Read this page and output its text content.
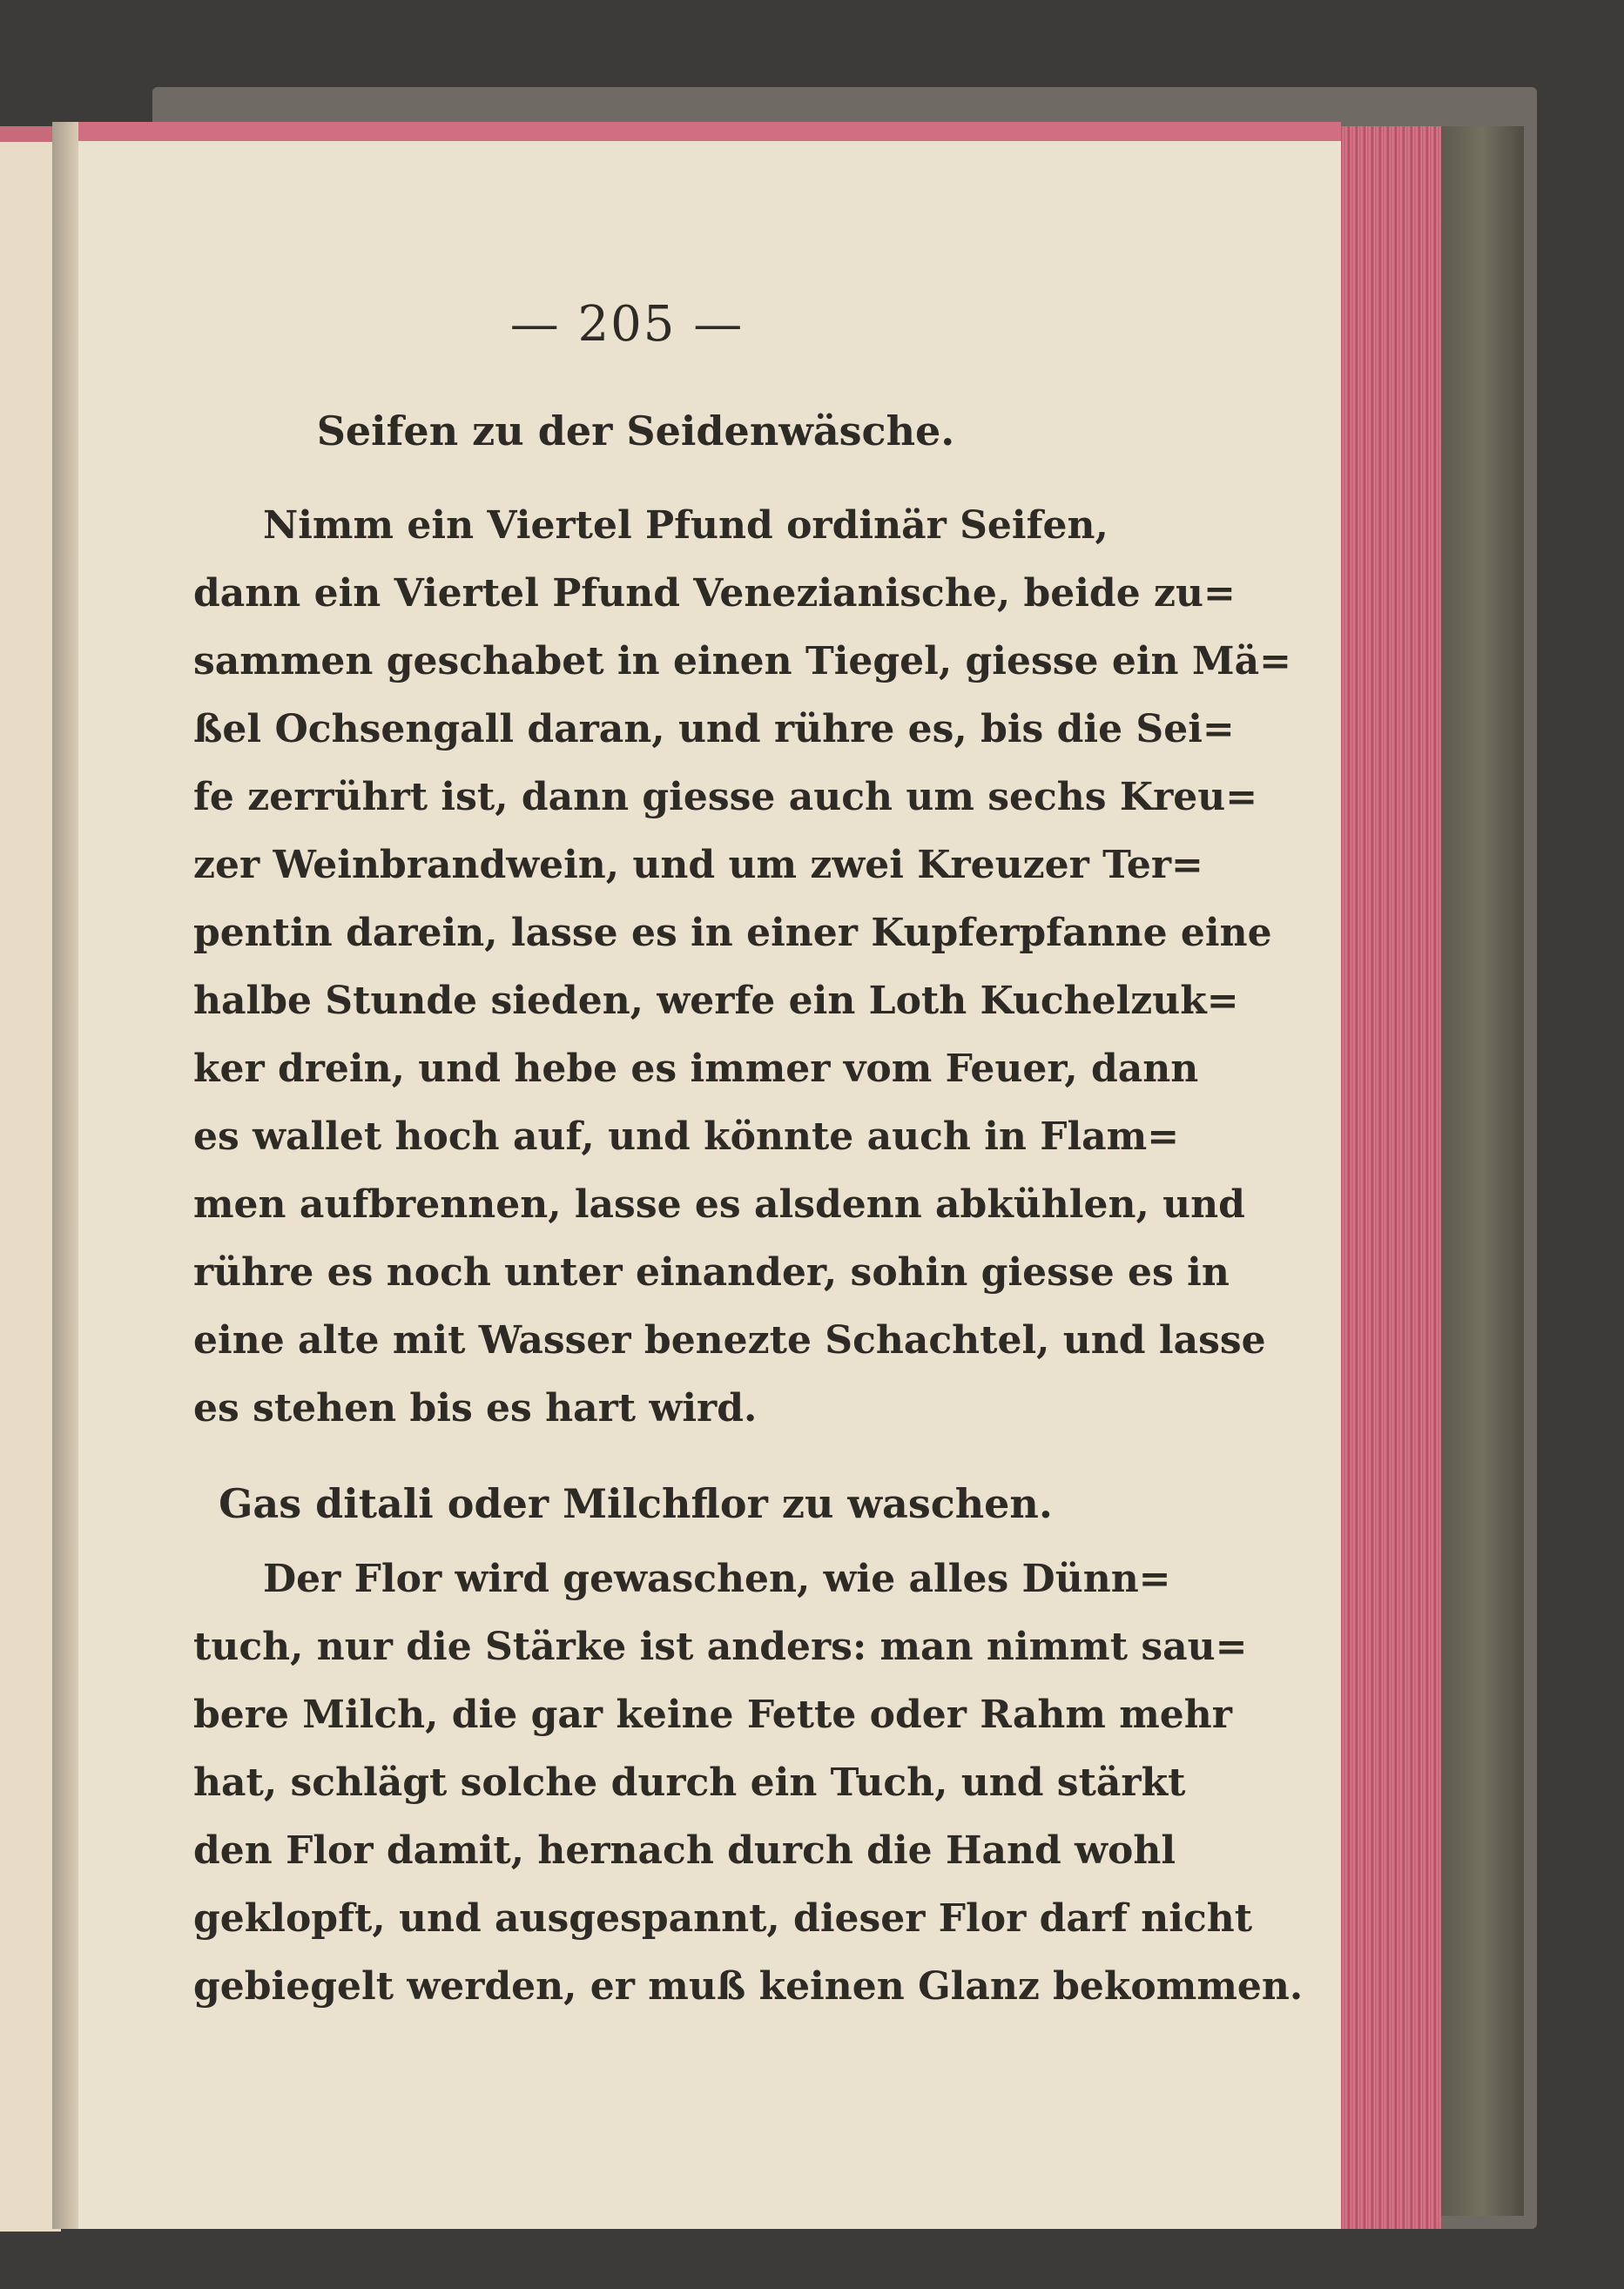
— 205 —
Seifen zu der Seidenwäsche.
Nimm ein Viertel Pfund ordinär Seifen,
dann ein Viertel Pfund Venezianische, beide zu=
sammen geschabet in einen Tiegel, giesse ein Mä=
ßel Ochsengall daran, und rühre es, bis die Sei=
fe zerrührt ist, dann giesse auch um sechs Kreu=
zer Weinbrandwein, und um zwei Kreuzer Ter=
pentin darein, lasse es in einer Kupferpfanne eine
halbe Stunde sieden, werfe ein Loth Kuchelzuk=
ker drein, und hebe es immer vom Feuer, dann
es wallet hoch auf, und könnte auch in Flam=
men aufbrennen, lasse es alsdenn abkühlen, und
rühre es noch unter einander, sohin giesse es in
eine alte mit Wasser benezte Schachtel, und lasse
es stehen bis es hart wird.
Gas ditali oder Milchflor zu waschen.
Der Flor wird gewaschen, wie alles Dünn=
tuch, nur die Stärke ist anders: man nimmt sau=
bere Milch, die gar keine Fette oder Rahm mehr
hat, schlägt solche durch ein Tuch, und stärkt
den Flor damit, hernach durch die Hand wohl
geklopft, und ausgespannt, dieser Flor darf nicht
gebiegelt werden, er muß keinen Glanz bekommen.
